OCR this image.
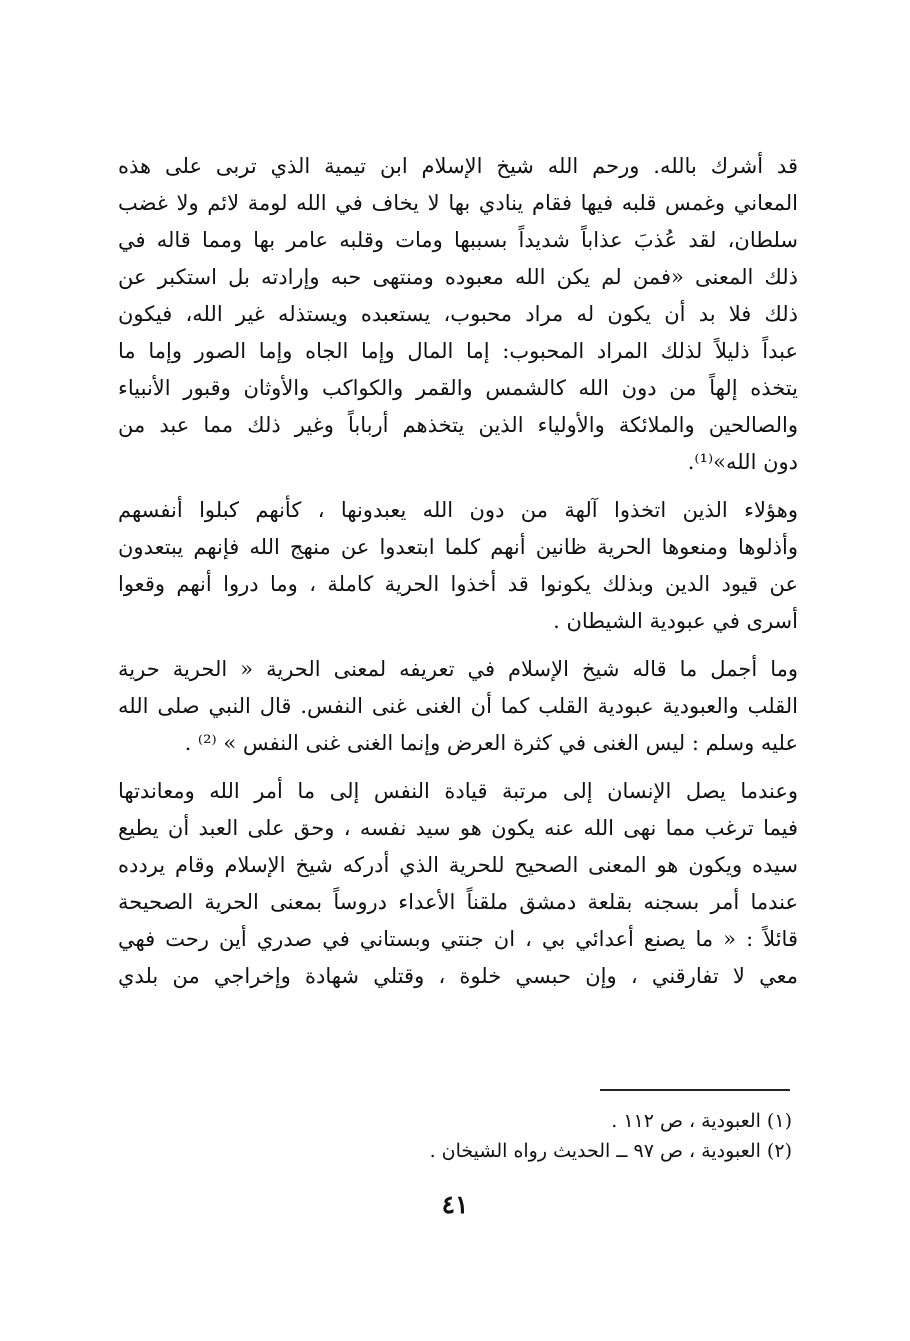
قد أشرك بالله. ورحم الله شيخ الإسلام ابن تيمية الذي تربى على هذه

المعاني وغمس قلبه فيها فقام ينادي بها لا يخاف في الله لومة لائم ولا غضب

سلطان، لقد عُذبَ عذاباً شديداً بسببها ومات وقلبه عامر بها ومما قاله في

ذلك المعنى «فمن لم يكن الله معبوده ومنتهى حبه وإرادته بل استكبر عن

ذلك فلا بد أن يكون له مراد محبوب، يستعبده ويستذله غير الله، فيكون

عبداً ذليلاً لذلك المراد المحبوب: إما المال وإما الجاه وإما الصور وإما ما

يتخذه إلهاً من دون الله كالشمس والقمر والكواكب والأوثان وقبور الأنبياء

والصالحين والملائكة والأولياء الذين يتخذهم أرباباً وغير ذلك مما عبد من

دون الله»⁽¹⁾.

وهؤلاء الذين اتخذوا آلهة من دون الله يعبدونها ، كأنهم كبلوا أنفسهم

وأذلوها ومنعوها الحرية ظانين أنهم كلما ابتعدوا عن منهج الله فإنهم يبتعدون

عن قيود الدين وبذلك يكونوا قد أخذوا الحرية كاملة ، وما دروا أنهم وقعوا

أسرى في عبودية الشيطان .

وما أجمل ما قاله شيخ الإسلام في تعريفه لمعنى الحرية « الحرية حرية

القلب والعبودية عبودية القلب كما أن الغنى غنى النفس. قال النبي صلى الله

عليه وسلم : ليس الغنى في كثرة العرض وإنما الغنى غنى النفس » ⁽²⁾ .

وعندما يصل الإنسان إلى مرتبة قيادة النفس إلى ما أمر الله ومعاندتها

فيما ترغب مما نهى الله عنه يكون هو سيد نفسه ، وحق على العبد أن يطيع

سيده ويكون هو المعنى الصحيح للحرية الذي أدركه شيخ الإسلام وقام يردده

عندما أمر بسجنه بقلعة دمشق ملقناً الأعداء دروساً بمعنى الحرية الصحيحة

قائلاً : « ما يصنع أعدائي بي ، ان جنتي وبستاني في صدري أين رحت فهي

معي لا تفارقني ، وإن حبسي خلوة ، وقتلي شهادة وإخراجي من بلدي

(١) العبودية ، ص ١١٢ .

(٢) العبودية ، ص ٩٧ ــ الحديث رواه الشيخان .

٤١
